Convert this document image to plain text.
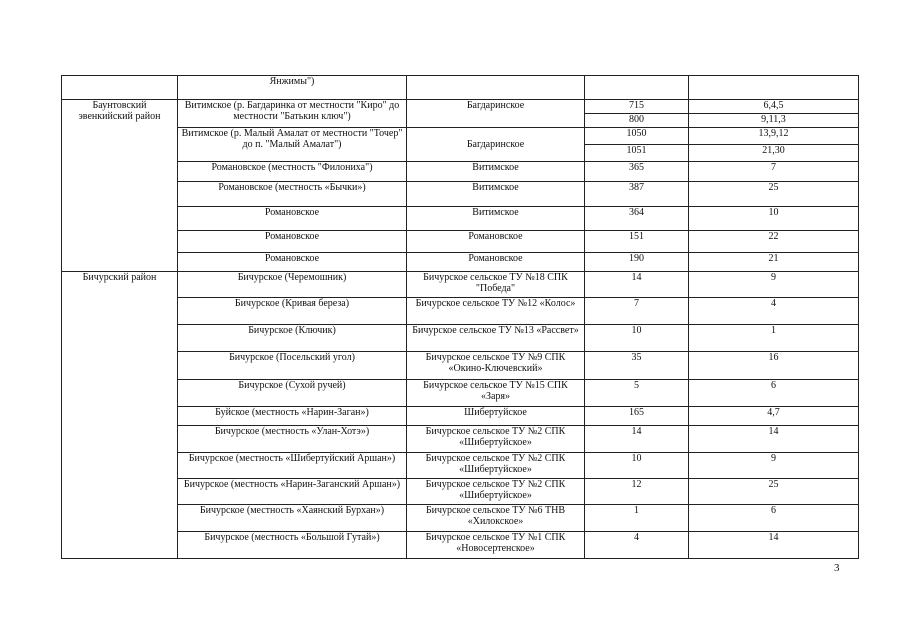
	Янжимы")			
Баунтовский эвенкийский район	Витимское (р. Багдаринка от местности "Киро" до местности "Батькин ключ")	Багдаринское	715	6,4,5
			800	9,11,3
	Витимское (р. Малый Амалат от местности "Точер" до п. "Малый Амалат")	Багдаринское	1050	13,9,12
			1051	21,30
	Романовское (местность "Филониха")	Витимское	365	7
	Романовское (местность «Бычки»)	Витимское	387	25
	Романовское	Витимское	364	10
	Романовское	Романовское	151	22
	Романовское	Романовское	190	21
Бичурский район	Бичурское (Черемошник)	Бичурское сельское ТУ №18 СПК "Победа"	14	9
	Бичурское (Кривая береза)	Бичурское сельское ТУ №12 «Колос»	7	4
	Бичурское (Ключик)	Бичурское сельское ТУ №13 «Рассвет»	10	1
	Бичурское (Посельский угол)	Бичурское сельское ТУ №9 СПК «Окино-Ключевский»	35	16
	Бичурское (Сухой ручей)	Бичурское сельское ТУ №15 СПК «Заря»	5	6
	Буйское (местность «Нарин-Заган»)	Шибертуйское	165	4,7
	Бичурское (местность «Улан-Хотэ»)	Бичурское сельское ТУ №2 СПК «Шибертуйское»	14	14
	Бичурское (местность «Шибертуйский Аршан»)	Бичурское сельское ТУ №2 СПК «Шибертуйское»	10	9
	Бичурское (местность «Нарин-Заганский Аршан»)	Бичурское сельское ТУ №2 СПК «Шибертуйское»	12	25
	Бичурское (местность «Хаянский Бурхан»)	Бичурское сельское ТУ №6 ТНВ «Хилокское»	1	6
	Бичурское (местность «Большой Гутай»)	Бичурское сельское ТУ №1 СПК «Новосертенское»	4	14
3
